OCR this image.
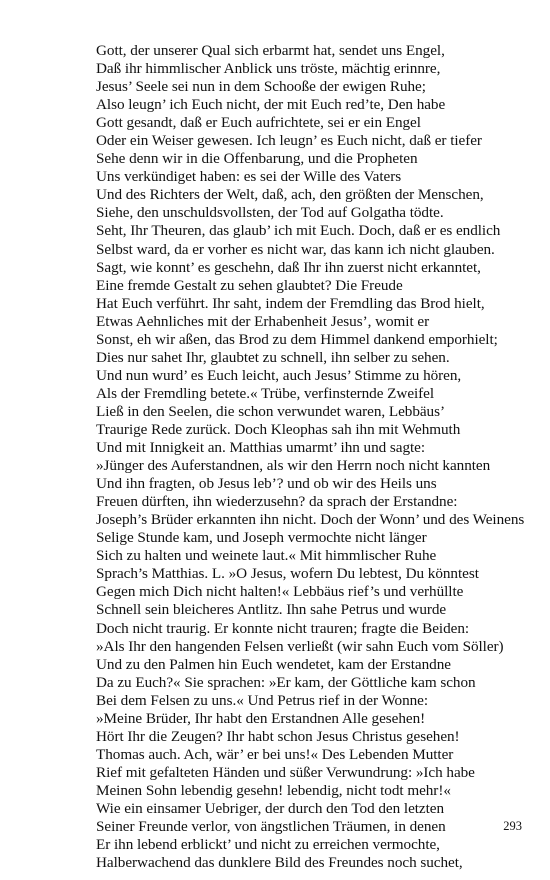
Gott, der unserer Qual sich erbarmt hat, sendet uns Engel,
Daß ihr himmlischer Anblick uns tröste, mächtig erinnre,
Jesus’ Seele sei nun in dem Schooße der ewigen Ruhe;
Also leugn’ ich Euch nicht, der mit Euch red’te, Den habe
Gott gesandt, daß er Euch aufrichtete, sei er ein Engel
Oder ein Weiser gewesen. Ich leugn’ es Euch nicht, daß er tiefer
Sehe denn wir in die Offenbarung, und die Propheten
Uns verkündiget haben: es sei der Wille des Vaters
Und des Richters der Welt, daß, ach, den größten der Menschen,
Siehe, den unschuldsvollsten, der Tod auf Golgatha tödte.
Seht, Ihr Theuren, das glaub’ ich mit Euch. Doch, daß er es endlich
Selbst ward, da er vorher es nicht war, das kann ich nicht glauben.
Sagt, wie konnt’ es geschehn, daß Ihr ihn zuerst nicht erkanntet,
Eine fremde Gestalt zu sehen glaubtet? Die Freude
Hat Euch verführt. Ihr saht, indem der Fremdling das Brod hielt,
Etwas Aehnliches mit der Erhabenheit Jesus’, womit er
Sonst, eh wir aßen, das Brod zu dem Himmel dankend emporhielt;
Dies nur sahet Ihr, glaubtet zu schnell, ihn selber zu sehen.
Und nun wurd’ es Euch leicht, auch Jesus’ Stimme zu hören,
Als der Fremdling betete.« Trübe, verfinsternde Zweifel
Ließ in den Seelen, die schon verwundet waren, Lebbäus’
Traurige Rede zurück. Doch Kleophas sah ihn mit Wehmuth
Und mit Innigkeit an. Matthias umarmt’ ihn und sagte:
»Jünger des Auferstandnen, als wir den Herrn noch nicht kannten
Und ihn fragten, ob Jesus leb’? und ob wir des Heils uns
Freuen dürften, ihn wiederzusehn? da sprach der Erstandne:
Joseph’s Brüder erkannten ihn nicht. Doch der Wonn’ und des Weinens
Selige Stunde kam, und Joseph vermochte nicht länger
Sich zu halten und weinete laut.« Mit himmlischer Ruhe
Sprach’s Matthias. L. »O Jesus, wofern Du lebtest, Du könntest
Gegen mich Dich nicht halten!« Lebbäus rief’s und verhüllte
Schnell sein bleicheres Antlitz. Ihn sahe Petrus und wurde
Doch nicht traurig. Er konnte nicht trauren; fragte die Beiden:
»Als Ihr den hangenden Felsen verließt (wir sahn Euch vom Söller)
Und zu den Palmen hin Euch wendetet, kam der Erstandne
Da zu Euch?« Sie sprachen: »Er kam, der Göttliche kam schon
Bei dem Felsen zu uns.« Und Petrus rief in der Wonne:
»Meine Brüder, Ihr habt den Erstandnen Alle gesehen!
Hört Ihr die Zeugen? Ihr habt schon Jesus Christus gesehen!
Thomas auch. Ach, wär’ er bei uns!« Des Lebenden Mutter
Rief mit gefalteten Händen und süßer Verwundrung: »Ich habe
Meinen Sohn lebendig gesehn! lebendig, nicht todt mehr!«
Wie ein einsamer Uebriger, der durch den Tod den letzten
Seiner Freunde verlor, von ängstlichen Träumen, in denen
Er ihn lebend erblickt’ und nicht zu erreichen vermochte,
Halberwachend das dunklere Bild des Freundes noch suchet,
293
